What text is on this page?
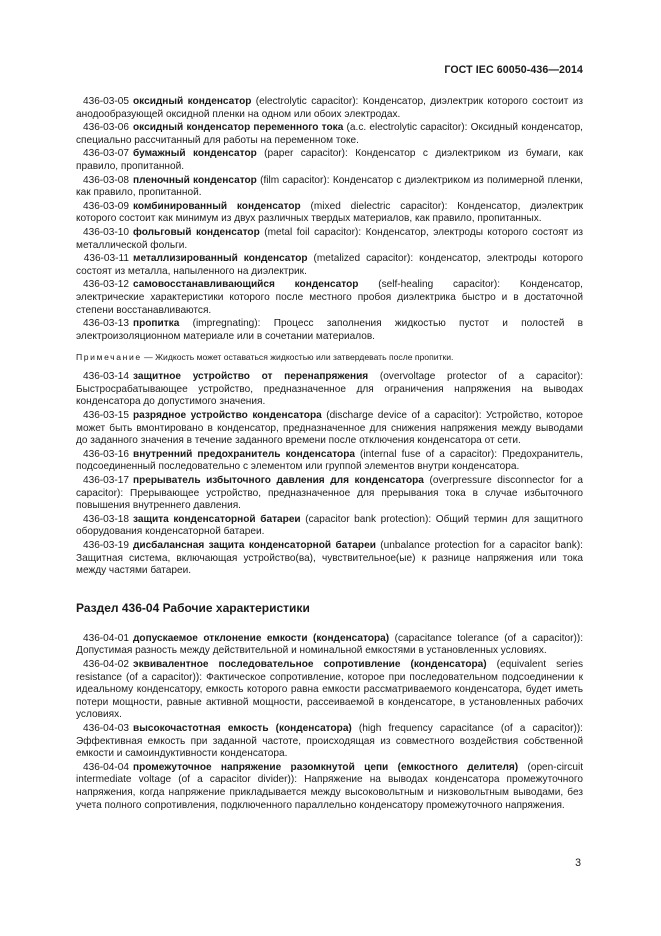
ГОСТ IEC 60050-436—2014

436-03-05 оксидный конденсатор (electrolytic capacitor): Конденсатор, диэлектрик которого состоит из анодообразующей оксидной пленки на одном или обоих электродах.

436-03-06 оксидный конденсатор переменного тока (a.c. electrolytic capacitor): Оксидный конденсатор, специально рассчитанный для работы на переменном токе.

436-03-07 бумажный конденсатор (paper capacitor): Конденсатор с диэлектриком из бумаги, как правило, пропитанной.

436-03-08 пленочный конденсатор (film capacitor): Конденсатор с диэлектриком из полимерной пленки, как правило, пропитанной.

436-03-09 комбинированный конденсатор (mixed dielectric capacitor): Конденсатор, диэлектрик которого состоит как минимум из двух различных твердых материалов, как правило, пропитанных.

436-03-10 фольговый конденсатор (metal foil capacitor): Конденсатор, электроды которого состоят из металлической фольги.

436-03-11 металлизированный конденсатор (metalized capacitor): конденсатор, электроды которого состоят из металла, напыленного на диэлектрик.

436-03-12 самовосстанавливающийся конденсатор (self-healing capacitor): Конденсатор, электрические характеристики которого после местного пробоя диэлектрика быстро и в достаточной степени восстанавливаются.

436-03-13 пропитка (impregnating): Процесс заполнения жидкостью пустот и полостей в электроизоляционном материале или в сочетании материалов.

Примечание — Жидкость может оставаться жидкостью или затвердевать после пропитки.

436-03-14 защитное устройство от перенапряжения (overvoltage protector of a capacitor): Быстросрабатывающее устройство, предназначенное для ограничения напряжения на выводах конденсатора до допустимого значения.

436-03-15 разрядное устройство конденсатора (discharge device of a capacitor): Устройство, которое может быть вмонтировано в конденсатор, предназначенное для снижения напряжения между выводами до заданного значения в течение заданного времени после отключения конденсатора от сети.

436-03-16 внутренний предохранитель конденсатора (internal fuse of a capacitor): Предохранитель, подсоединенный последовательно с элементом или группой элементов внутри конденсатора.

436-03-17 прерыватель избыточного давления для конденсатора (overpressure disconnector for a capacitor): Прерывающее устройство, предназначенное для прерывания тока в случае избыточного повышения внутреннего давления.

436-03-18 защита конденсаторной батареи (capacitor bank protection): Общий термин для защитного оборудования конденсаторной батареи.

436-03-19 дисбалансная защита конденсаторной батареи (unbalance protection for a capacitor bank): Защитная система, включающая устройство(ва), чувствительное(ые) к разнице напряжения или тока между частями батареи.

Раздел 436-04 Рабочие характеристики

436-04-01 допускаемое отклонение емкости (конденсатора) (capacitance tolerance (of a capacitor)): Допустимая разность между действительной и номинальной емкостями в установленных условиях.

436-04-02 эквивалентное последовательное сопротивление (конденсатора) (equivalent series resistance (of a capacitor)): Фактическое сопротивление, которое при последовательном подсоединении к идеальному конденсатору, емкость которого равна емкости рассматриваемого конденсатора, будет иметь потери мощности, равные активной мощности, рассеиваемой в конденсаторе, в установленных рабочих условиях.

436-04-03 высокочастотная емкость (конденсатора) (high frequency capacitance (of a capacitor)): Эффективная емкость при заданной частоте, происходящая из совместного воздействия собственной емкости и самоиндуктивности конденсатора.

436-04-04 промежуточное напряжение разомкнутой цепи (емкостного делителя) (open-circuit intermediate voltage (of a capacitor divider)): Напряжение на выводах конденсатора промежуточного напряжения, когда напряжение прикладывается между высоковольтным и низковольтным выводами, без учета полного сопротивления, подключенного параллельно конденсатору промежуточного напряжения.

3
